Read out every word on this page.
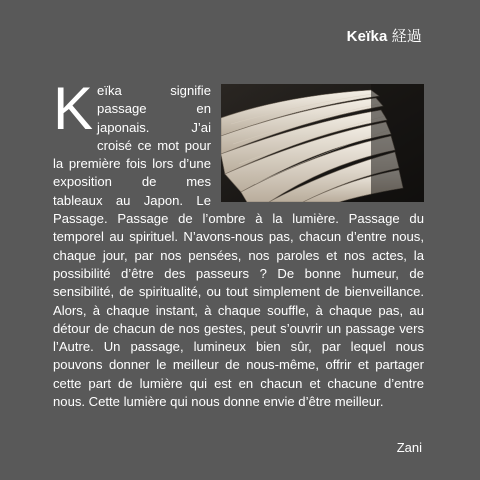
Keïka 経過
K eïka signifie passage en japonais. J’ai croisé ce mot pour la première fois lors d’une exposition de mes tableaux au Japon. Le Passage. Passage de l’ombre à la lumière. Passage du temporel au spirituel. N’avons-nous pas, chacun d’entre nous, chaque jour, par nos pensées, nos paroles et nos actes, la possibilité d’être des passeurs ? De bonne humeur, de sensibilité, de spiritualité, ou tout simplement de bienveillance. Alors, à chaque instant, à chaque souffle, à chaque pas, au détour de chacun de nos gestes, peut s’ouvrir un passage vers l’Autre. Un passage, lumineux bien sûr, par lequel nous pouvons donner le meilleur de nous-même, offrir et partager cette part de lumière qui est en chacun et chacune d’entre nous. Cette lumière qui nous donne envie d’être meilleur.

Zani
